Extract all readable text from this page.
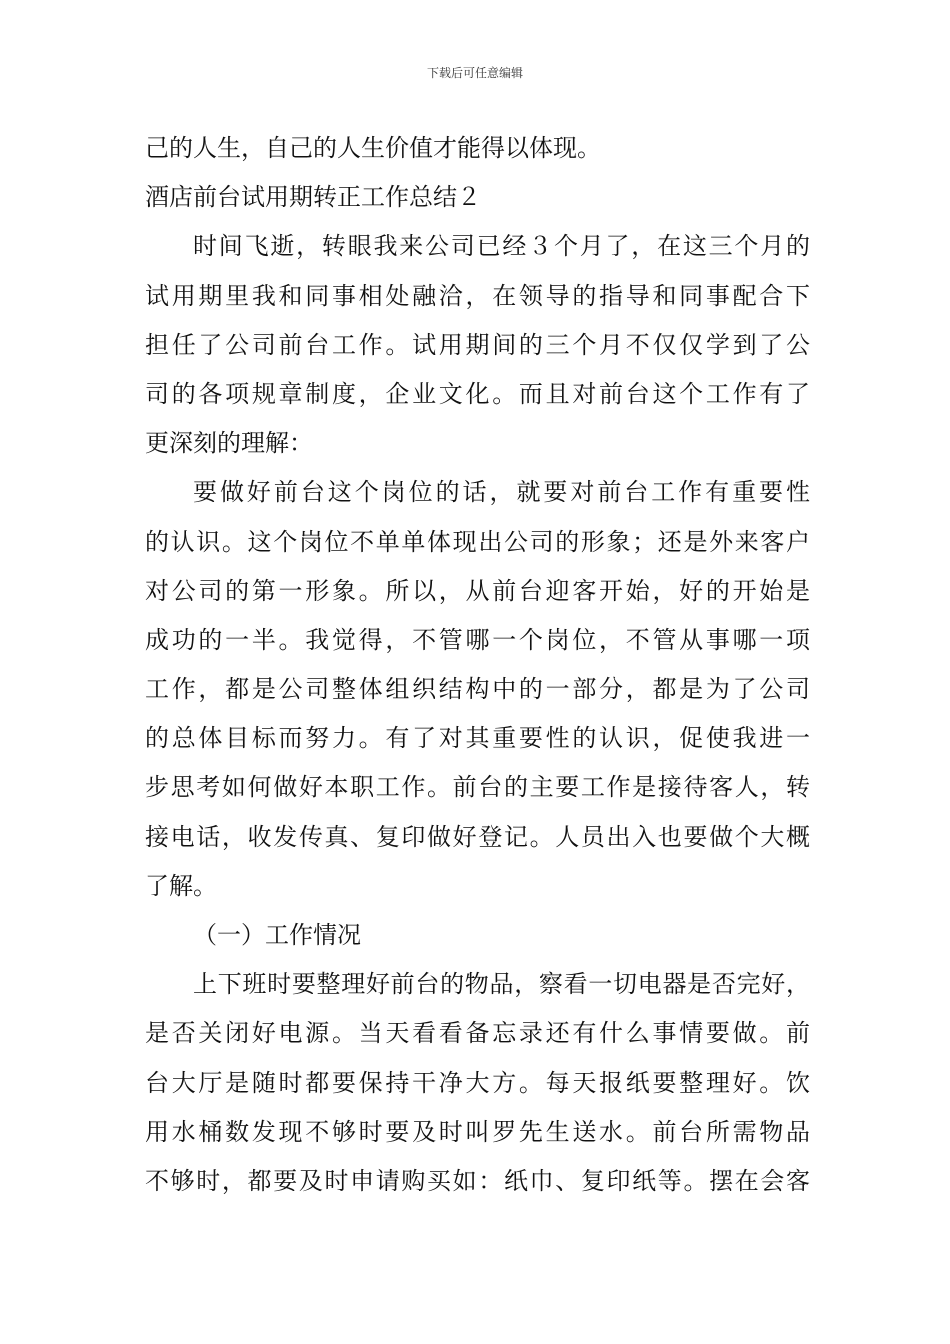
下载后可任意编辑
己的人生，自己的人生价值才能得以体现。
酒店前台试用期转正工作总结２
时间飞逝，转眼我来公司已经３个月了，在这三个月的
试用期里我和同事相处融洽，在领导的指导和同事配合下
担任了公司前台工作。试用期间的三个月不仅仅学到了公
司的各项规章制度，企业文化。而且对前台这个工作有了
更深刻的理解：
要做好前台这个岗位的话，就要对前台工作有重要性
的认识。这个岗位不单单体现出公司的形象；还是外来客户
对公司的第一形象。所以，从前台迎客开始，好的开始是
成功的一半。我觉得，不管哪一个岗位，不管从事哪一项
工作，都是公司整体组织结构中的一部分，都是为了公司
的总体目标而努力。有了对其重要性的认识，促使我进一
步思考如何做好本职工作。前台的主要工作是接待客人，转
接电话，收发传真、复印做好登记。人员出入也要做个大概
了解。
（一）工作情况
上下班时要整理好前台的物品，察看一切电器是否完好，
是否关闭好电源。当天看看备忘录还有什么事情要做。前
台大厅是随时都要保持干净大方。每天报纸要整理好。饮
用水桶数发现不够时要及时叫罗先生送水。前台所需物品
不够时，都要及时申请购买如：纸巾、复印纸等。摆在会客
